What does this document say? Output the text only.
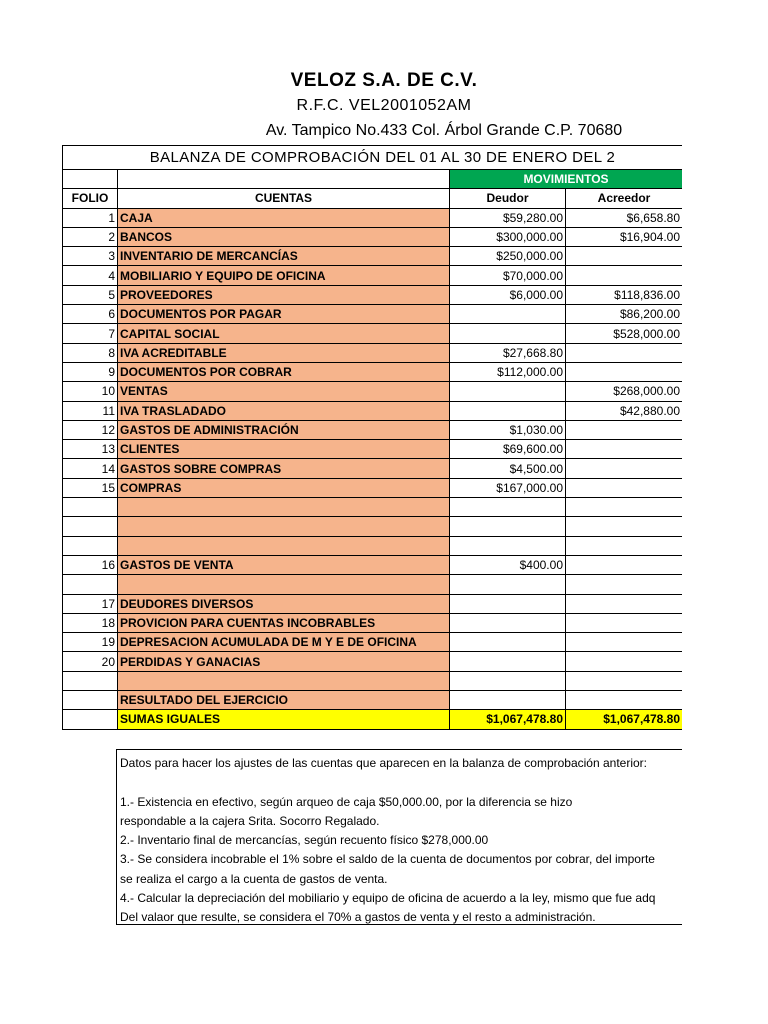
VELOZ S.A. DE C.V.
R.F.C. VEL2001052AM
Av. Tampico No.433 Col. Árbol Grande C.P. 70680
BALANZA DE COMPROBACIÓN DEL 01 AL 30 DE ENERO DEL 2				
		MOVIMIENTOS		
FOLIO	CUENTAS	Deudor	Acreedor	
1	CAJA	$59,280.00	$6,658.80	
2	BANCOS	$300,000.00	$16,904.00	
3	INVENTARIO DE MERCANCÍAS	$250,000.00		
4	MOBILIARIO Y EQUIPO DE OFICINA	$70,000.00		
5	PROVEEDORES	$6,000.00	$118,836.00	
6	DOCUMENTOS POR PAGAR		$86,200.00	
7	CAPITAL SOCIAL		$528,000.00	
8	IVA ACREDITABLE	$27,668.80		
9	DOCUMENTOS POR COBRAR	$112,000.00		
10	VENTAS		$268,000.00	
11	IVA TRASLADADO		$42,880.00	
12	GASTOS DE ADMINISTRACIÓN	$1,030.00		
13	CLIENTES	$69,600.00		
14	GASTOS SOBRE COMPRAS	$4,500.00		
15	COMPRAS	$167,000.00		

16	GASTOS DE VENTA	$400.00		

17	DEUDORES DIVERSOS			
18	PROVICION PARA CUENTAS INCOBRABLES			
19	DEPRESACION ACUMULADA DE M Y E DE OFICINA			
20	PERDIDAS Y GANACIAS			

	RESULTADO DEL EJERCICIO			
	SUMAS IGUALES	$1,067,478.80	$1,067,478.80	
Datos para hacer los ajustes de las cuentas que aparecen en la balanza de comprobación anterior:
1.- Existencia en efectivo, según arqueo de caja $50,000.00, por la diferencia se hizo
respondable a la cajera Srita. Socorro Regalado.
2.- Inventario final de mercancías, según recuento físico $278,000.00
3.- Se considera incobrable el 1% sobre el saldo de la cuenta de documentos por cobrar, del importe
se realiza el cargo a la cuenta de gastos de venta.
4.- Calcular la depreciación del mobiliario y equipo de oficina de acuerdo a la ley, mismo que fue adq
Del valaor que resulte, se considera el 70% a gastos de venta y el resto a administración.
